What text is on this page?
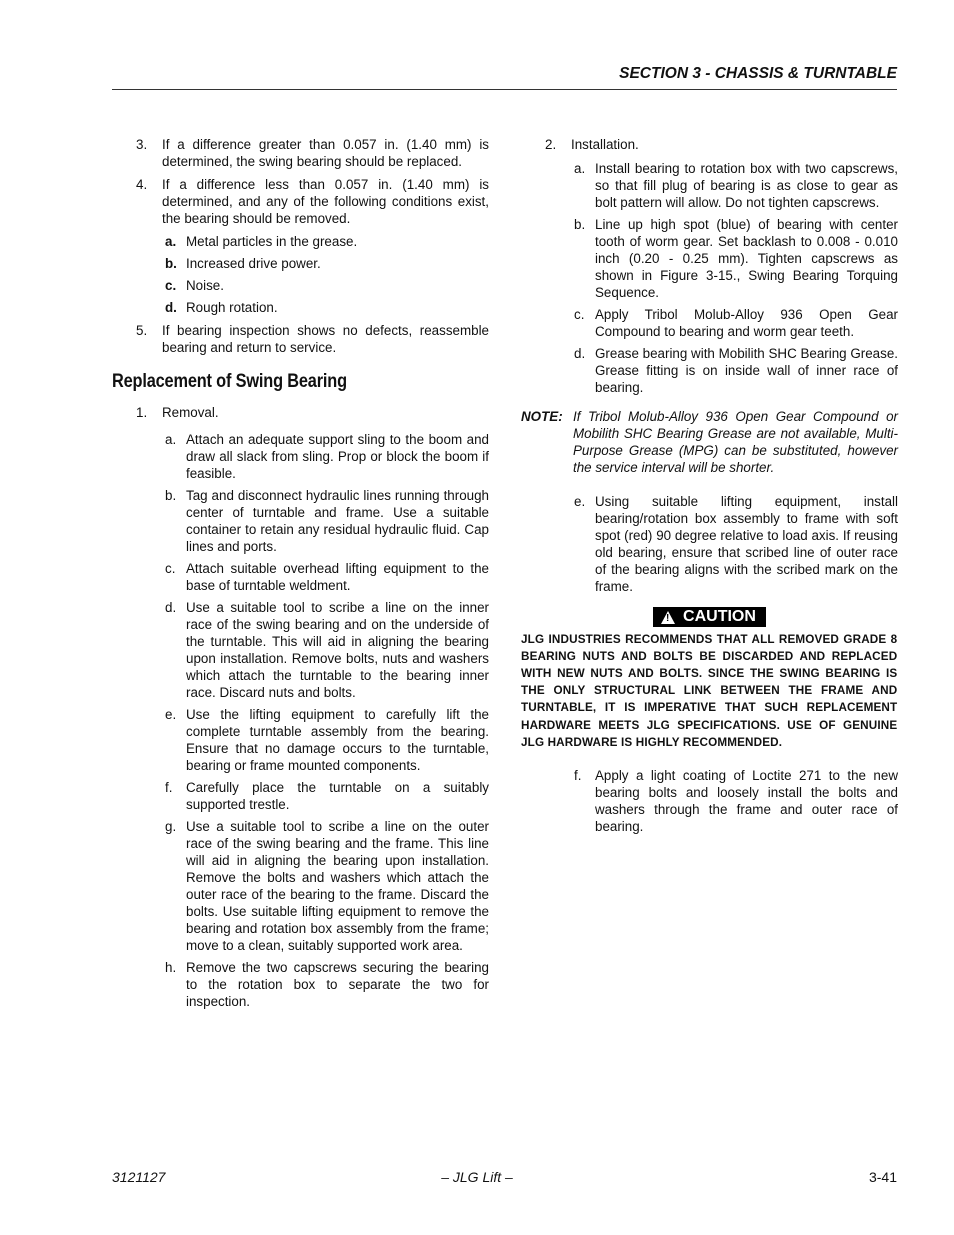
SECTION 3 - CHASSIS & TURNTABLE
3. If a difference greater than 0.057 in. (1.40 mm) is determined, the swing bearing should be replaced.
4. If a difference less than 0.057 in. (1.40 mm) is determined, and any of the following conditions exist, the bearing should be removed.
a. Metal particles in the grease.
b. Increased drive power.
c. Noise.
d. Rough rotation.
5. If bearing inspection shows no defects, reassemble bearing and return to service.
Replacement of Swing Bearing
1. Removal.
a. Attach an adequate support sling to the boom and draw all slack from sling. Prop or block the boom if feasible.
b. Tag and disconnect hydraulic lines running through center of turntable and frame. Use a suitable container to retain any residual hydraulic fluid. Cap lines and ports.
c. Attach suitable overhead lifting equipment to the base of turntable weldment.
d. Use a suitable tool to scribe a line on the inner race of the swing bearing and on the underside of the turntable. This will aid in aligning the bearing upon installation. Remove bolts, nuts and washers which attach the turntable to the bearing inner race. Discard nuts and bolts.
e. Use the lifting equipment to carefully lift the complete turntable assembly from the bearing. Ensure that no damage occurs to the turntable, bearing or frame mounted components.
f. Carefully place the turntable on a suitably supported trestle.
g. Use a suitable tool to scribe a line on the outer race of the swing bearing and the frame. This line will aid in aligning the bearing upon installation. Remove the bolts and washers which attach the outer race of the bearing to the frame. Discard the bolts. Use suitable lifting equipment to remove the bearing and rotation box assembly from the frame; move to a clean, suitably supported work area.
h. Remove the two capscrews securing the bearing to the rotation box to separate the two for inspection.
2. Installation.
a. Install bearing to rotation box with two capscrews, so that fill plug of bearing is as close to gear as bolt pattern will allow. Do not tighten capscrews.
b. Line up high spot (blue) of bearing with center tooth of worm gear. Set backlash to 0.008 - 0.010 inch (0.20 - 0.25 mm). Tighten capscrews as shown in Figure 3-15., Swing Bearing Torquing Sequence.
c. Apply Tribol Molub-Alloy 936 Open Gear Compound to bearing and worm gear teeth.
d. Grease bearing with Mobilith SHC Bearing Grease. Grease fitting is on inside wall of inner race of bearing.
NOTE: If Tribol Molub-Alloy 936 Open Gear Compound or Mobilith SHC Bearing Grease are not available, Multi-Purpose Grease (MPG) can be substituted, however the service interval will be shorter.
e. Using suitable lifting equipment, install bearing/rotation box assembly to frame with soft spot (red) 90 degree relative to load axis. If reusing old bearing, ensure that scribed line of outer race of the bearing aligns with the scribed mark on the frame.
! CAUTION
JLG INDUSTRIES RECOMMENDS THAT ALL REMOVED GRADE 8 BEARING NUTS AND BOLTS BE DISCARDED AND REPLACED WITH NEW NUTS AND BOLTS. SINCE THE SWING BEARING IS THE ONLY STRUCTURAL LINK BETWEEN THE FRAME AND TURNTABLE, IT IS IMPERATIVE THAT SUCH REPLACEMENT HARDWARE MEETS JLG SPECIFICATIONS. USE OF GENUINE JLG HARDWARE IS HIGHLY RECOMMENDED.
f. Apply a light coating of Loctite 271 to the new bearing bolts and loosely install the bolts and washers through the frame and outer race of bearing.
3121127	– JLG Lift –	3-41
